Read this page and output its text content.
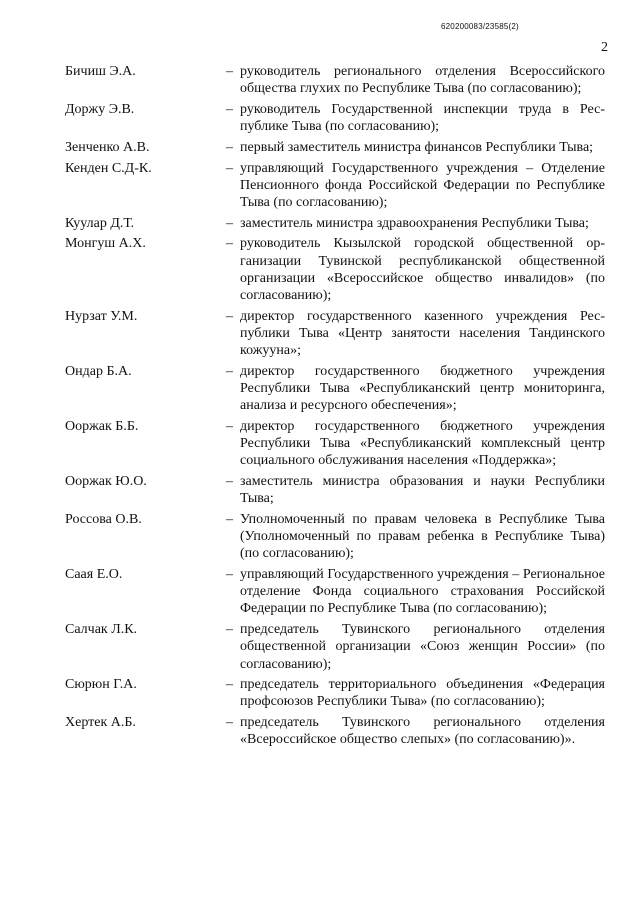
620200083/23585(2)
2
Бичиш Э.А.	– руководитель регионального отделения Всероссийского общества глухих по Республике Тыва (по согласованию);
Доржу Э.В.	– руководитель Государственной инспекции труда в Республике Тыва (по согласованию);
Зенченко А.В.	– первый заместитель министра финансов Республики Тыва;
Кенден С.Д-К.	– управляющий Государственного учреждения – Отделение Пенсионного фонда Российской Федерации по Республике Тыва (по согласованию);
Куулар Д.Т.	– заместитель министра здравоохранения Республики Тыва;
Монгуш А.Х.	– руководитель Кызылской городской общественной организации Тувинской республиканской общественной организации «Всероссийское общество инвалидов» (по согласованию);
Нурзат У.М.	– директор государственного казенного учреждения Республики Тыва «Центр занятости населения Тандинского кожууна»;
Ондар Б.А.	– директор государственного бюджетного учреждения Республики Тыва «Республиканский центр мониторинга, анализа и ресурсного обеспечения»;
Ооржак Б.Б.	– директор государственного бюджетного учреждения Республики Тыва «Республиканский комплексный центр социального обслуживания населения «Поддержка»;
Ооржак Ю.О.	– заместитель министра образования и науки Республики Тыва;
Россова О.В.	– Уполномоченный по правам человека в Республике Тыва (Уполномоченный по правам ребенка в Республике Тыва) (по согласованию);
Саая Е.О.	– управляющий Государственного учреждения – Региональное отделение Фонда социального страхования Российской Федерации по Республике Тыва (по согласованию);
Салчак Л.К.	– председатель Тувинского регионального отделения общественной организации «Союз женщин России» (по согласованию);
Сюрюн Г.А.	– председатель территориального объединения «Федерация профсоюзов Республики Тыва» (по согласованию);
Хертек А.Б.	– председатель Тувинского регионального отделения «Всероссийское общество слепых» (по согласованию)».
